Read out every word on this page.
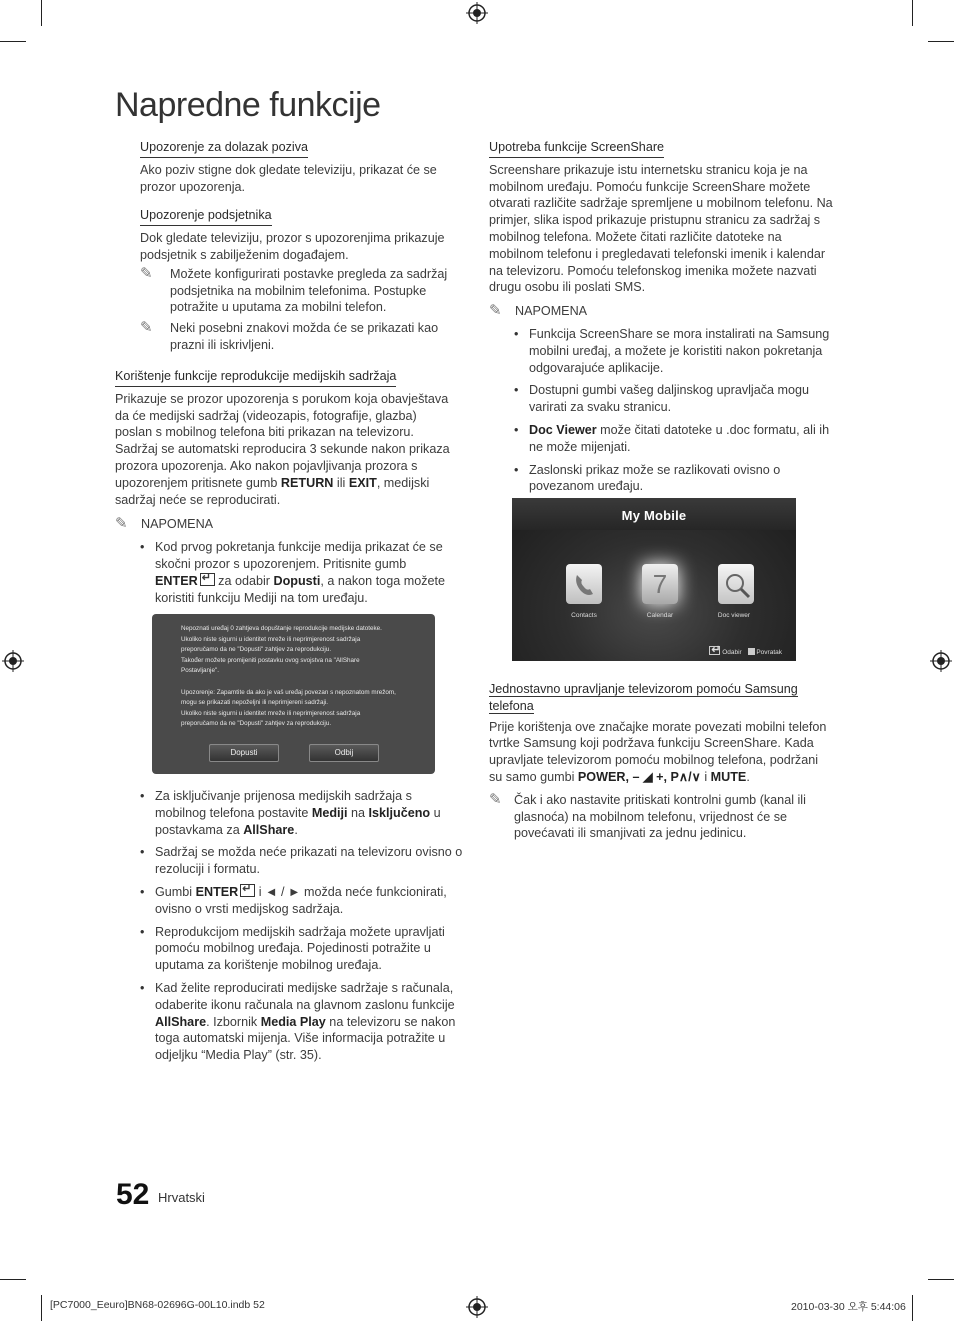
Napredne funkcije
Upozorenje za dolazak poziva

Ako poziv stigne dok gledate televiziju, prikazat će se prozor upozorenja.

Upozorenje podsjetnika

Dok gledate televiziju, prozor s upozorenjima prikazuje podsjetnik s zabilježenim događajem.

✎ Možete konfigurirati postavke pregleda za sadržaj podsjetnika na mobilnim telefonima. Postupke potražite u uputama za mobilni telefon.

✎ Neki posebni znakovi možda će se prikazati kao prazni ili iskrivljeni.

Korištenje funkcije reprodukcije medijskih sadržaja

Prikazuje se prozor upozorenja s porukom koja obavještava da će medijski sadržaj (videozapis, fotografije, glazba) poslan s mobilnog telefona biti prikazan na televizoru. Sadržaj se automatski reproducira 3 sekunde nakon prikaza prozora upozorenja. Ako nakon pojavljivanja prozora s upozorenjem pritisnete gumb RETURN ili EXIT, medijski sadržaj neće se reproducirati.

✎ NAPOMENA
• Kod prvog pokretanja funkcije medija prikazat će se skočni prozor s upozorenjem. Pritisnite gumb ENTER↵ za odabir Dopusti, a nakon toga možete koristiti funkciju Mediji na tom uređaju.
Nepoznati uređaj 0 zahtjeva dopuštanje reprodukcije medijske datoteke.
Ukoliko niste sigurni u identitet mreže ili neprimjerenost sadržaja
preporučamo da ne "Dopusti" zahtjev za reprodukciju.
Također možete promijeniti postavku ovog svojstva na "AllShare
Postavljanje".

Upozorenje: Zapamtite da ako je vaš uređaj povezan s nepoznatom mrežom,
mogu se prikazati nepoželjni ili neprimjereni sadržaji.
Ukoliko niste sigurni u identitet mreže ili neprimjerenost sadržaja
preporučamo da ne "Dopusti" zahtjev za reprodukciju.
Dopusti	Odbij
• Za isključivanje prijenosa medijskih sadržaja s mobilnog telefona postavite Mediji na Isključeno u postavkama za AllShare.
• Sadržaj se možda neće prikazati na televizoru ovisno o rezoluciji i formatu.
• Gumbi ENTER↵ i ◄ / ► možda neće funkcionirati, ovisno o vrsti medijskog sadržaja.
• Reprodukcijom medijskih sadržaja možete upravljati pomoću mobilnog uređaja. Pojedinosti potražite u uputama za korištenje mobilnog uređaja.
• Kad želite reproducirati medijske sadržaje s računala, odaberite ikonu računala na glavnom zaslonu funkcije AllShare. Izbornik Media Play na televizoru se nakon toga automatski mijenja. Više informacija potražite u odjeljku “Media Play” (str. 35).
Upotreba funkcije ScreenShare

Screenshare prikazuje istu internetsku stranicu koja je na mobilnom uređaju. Pomoću funkcije ScreenShare možete otvarati različite sadržaje spremljene u mobilnom telefonu. Na primjer, slika ispod prikazuje pristupnu stranicu za sadržaj s mobilnog telefona. Možete čitati različite datoteke na mobilnom telefonu i pregledavati telefonski imenik i kalendar na televizoru. Pomoću telefonskog imenika možete nazvati drugu osobu ili poslati SMS.

✎ NAPOMENA
• Funkcija ScreenShare se mora instalirati na Samsung mobilni uređaj, a možete je koristiti nakon pokretanja odgovarajuće aplikacije.
• Dostupni gumbi vašeg daljinskog upravljača mogu varirati za svaku stranicu.
• Doc Viewer može čitati datoteke u .doc formatu, ali ih ne može mijenjati.
• Zaslonski prikaz može se razlikovati ovisno o povezanom uređaju.
My Mobile
7
Contacts	Calendar	Doc viewer
↵ Odabir Povratak
Jednostavno upravljanje televizorom pomoću Samsung telefona

Prije korištenja ove značajke morate povezati mobilni telefon tvrtke Samsung koji podržava funkciju ScreenShare. Kada upravljate televizorom pomoću mobilnog telefona, podržani su samo gumbi POWER, – ◢ +, P∧/∨ i MUTE.

✎ Čak i ako nastavite pritiskati kontrolni gumb (kanal ili glasnoća) na mobilnom telefonu, vrijednost će se povećavati ili smanjivati za jednu jedinicu.

52 Hrvatski
[PC7000_Eeuro]BN68-02696G-00L10.indb 52	2010-03-30 오후 5:44:06
